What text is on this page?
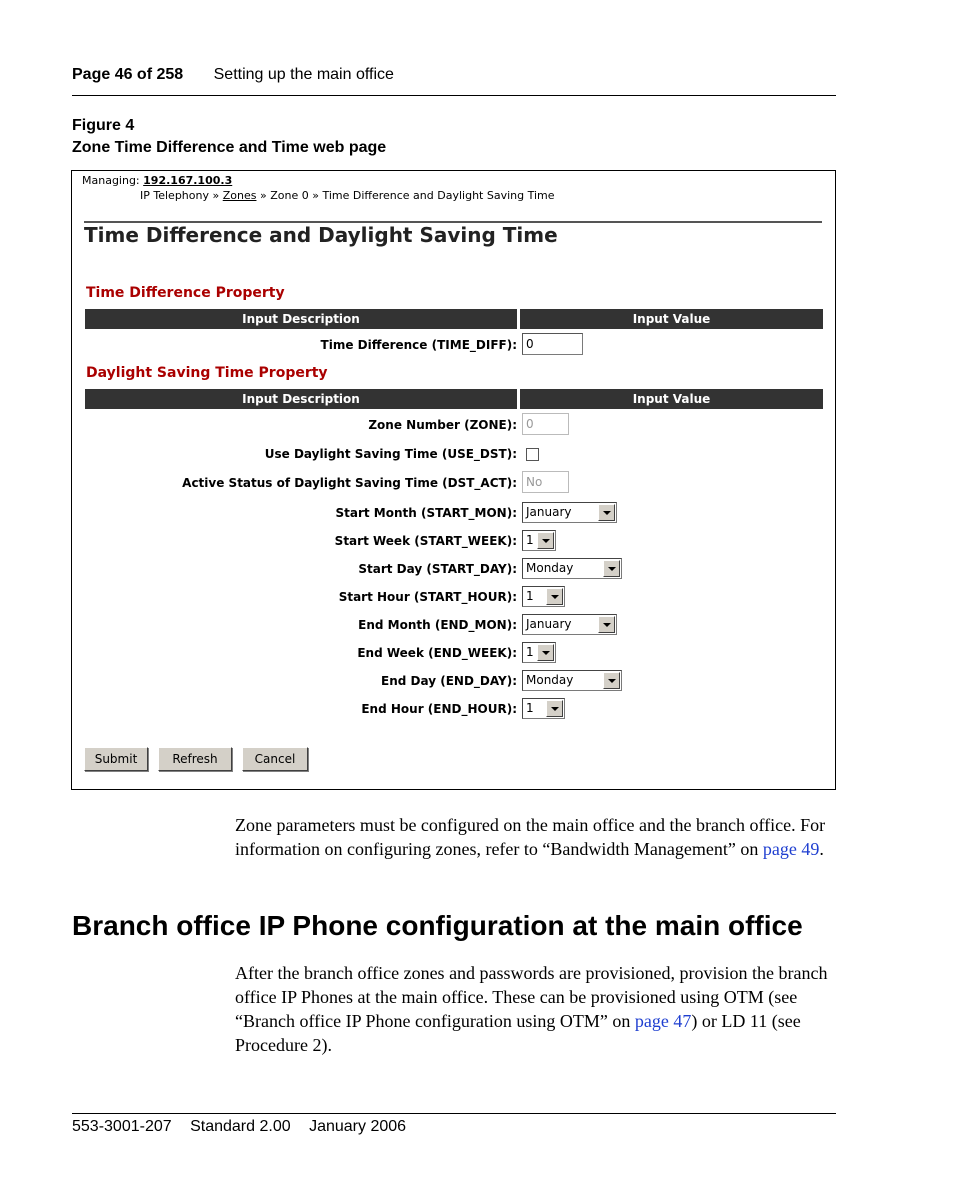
Page 46 of 258 Setting up the main office
Figure 4
Zone Time Difference and Time web page
Managing: 192.167.100.3
IP Telephony » Zones » Zone 0 » Time Difference and Daylight Saving Time
Time Difference and Daylight Saving Time
Time Difference Property
Input Description	Input Value
Time Difference (TIME_DIFF): 0
Daylight Saving Time Property
Input Description	Input Value
Zone Number (ZONE): 0
Use Daylight Saving Time (USE_DST):
Active Status of Daylight Saving Time (DST_ACT): No
Start Month (START_MON): January
Start Week (START_WEEK): 1
Start Day (START_DAY): Monday
Start Hour (START_HOUR): 1
End Month (END_MON): January
End Week (END_WEEK): 1
End Day (END_DAY): Monday
End Hour (END_HOUR): 1
Submit	Refresh	Cancel
Zone parameters must be configured on the main office and the branch office. For information on configuring zones, refer to “Bandwidth Management” on page 49.
Branch office IP Phone configuration at the main office
After the branch office zones and passwords are provisioned, provision the branch office IP Phones at the main office. These can be provisioned using OTM (see “Branch office IP Phone configuration using OTM” on page 47) or LD 11 (see Procedure 2).
553-3001-207 Standard 2.00 January 2006
